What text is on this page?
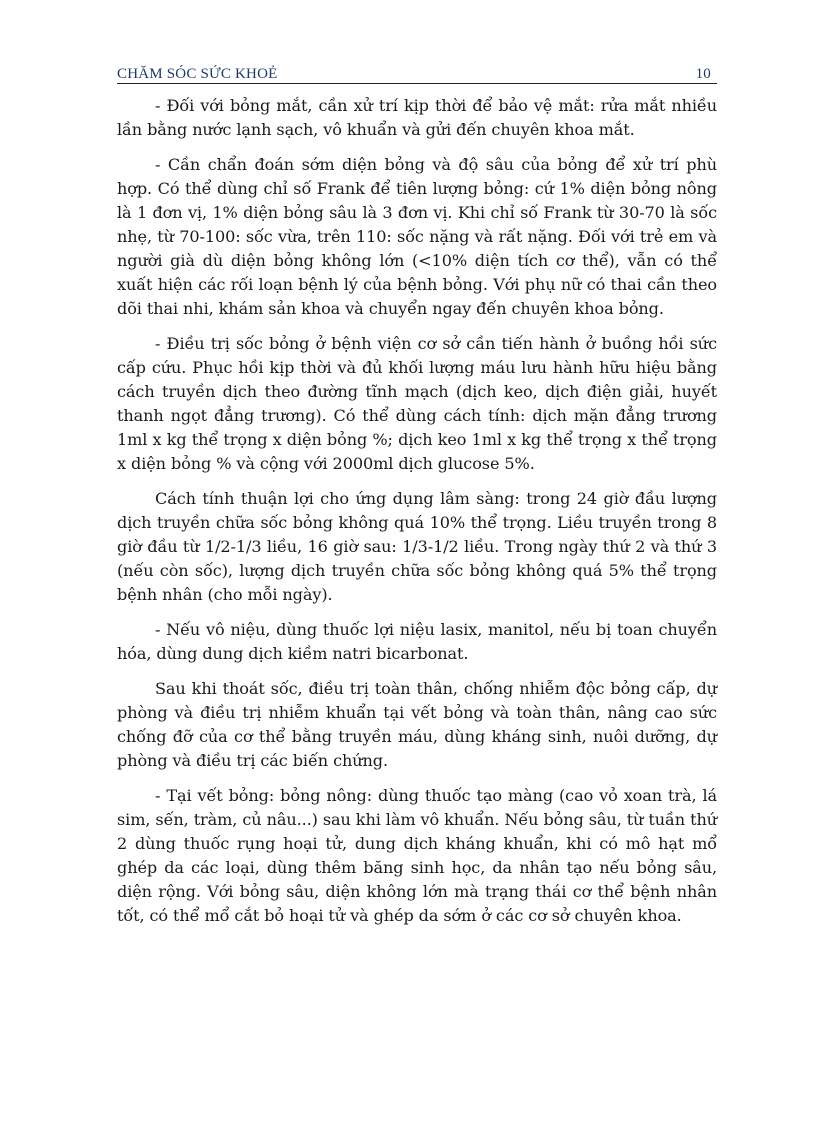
CHĂM SÓC SỨC KHOẺ	10

- Đối với bỏng mắt, cần xử trí kịp thời để bảo vệ mắt: rửa mắt nhiều lần bằng nước lạnh sạch, vô khuẩn và gửi đến chuyên khoa mắt.

- Cần chẩn đoán sớm diện bỏng và độ sâu của bỏng để xử trí phù hợp. Có thể dùng chỉ số Frank để tiên lượng bỏng: cứ 1% diện bỏng nông là 1 đơn vị, 1% diện bỏng sâu là 3 đơn vị. Khi chỉ số Frank từ 30-70 là sốc nhẹ, từ 70-100: sốc vừa, trên 110: sốc nặng và rất nặng. Đối với trẻ em và người già dù diện bỏng không lớn (<10% diện tích cơ thể), vẫn có thể xuất hiện các rối loạn bệnh lý của bệnh bỏng. Với phụ nữ có thai cần theo dõi thai nhi, khám sản khoa và chuyển ngay đến chuyên khoa bỏng.

- Điều trị sốc bỏng ở bệnh viện cơ sở cần tiến hành ở buồng hồi sức cấp cứu. Phục hồi kịp thời và đủ khối lượng máu lưu hành hữu hiệu bằng cách truyền dịch theo đường tĩnh mạch (dịch keo, dịch điện giải, huyết thanh ngọt đẳng trương). Có thể dùng cách tính: dịch mặn đẳng trương 1ml x kg thể trọng x diện bỏng %; dịch keo 1ml x kg thể trọng x thể trọng x diện bỏng % và cộng với 2000ml dịch glucose 5%.

Cách tính thuận lợi cho ứng dụng lâm sàng: trong 24 giờ đầu lượng dịch truyền chữa sốc bỏng không quá 10% thể trọng. Liều truyền trong 8 giờ đầu từ 1/2-1/3 liều, 16 giờ sau: 1/3-1/2 liều. Trong ngày thứ 2 và thứ 3 (nếu còn sốc), lượng dịch truyền chữa sốc bỏng không quá 5% thể trọng bệnh nhân (cho mỗi ngày).

- Nếu vô niệu, dùng thuốc lợi niệu lasix, manitol, nếu bị toan chuyển hóa, dùng dung dịch kiềm natri bicarbonat.

Sau khi thoát sốc, điều trị toàn thân, chống nhiễm độc bỏng cấp, dự phòng và điều trị nhiễm khuẩn tại vết bỏng và toàn thân, nâng cao sức chống đỡ của cơ thể bằng truyền máu, dùng kháng sinh, nuôi dưỡng, dự phòng và điều trị các biến chứng.

- Tại vết bỏng: bỏng nông: dùng thuốc tạo màng (cao vỏ xoan trà, lá sim, sến, tràm, củ nâu...) sau khi làm vô khuẩn. Nếu bỏng sâu, từ tuần thứ 2 dùng thuốc rụng hoại tử, dung dịch kháng khuẩn, khi có mô hạt mổ ghép da các loại, dùng thêm băng sinh học, da nhân tạo nếu bỏng sâu, diện rộng. Với bỏng sâu, diện không lớn mà trạng thái cơ thể bệnh nhân tốt, có thể mổ cắt bỏ hoại tử và ghép da sớm ở các cơ sở chuyên khoa.
